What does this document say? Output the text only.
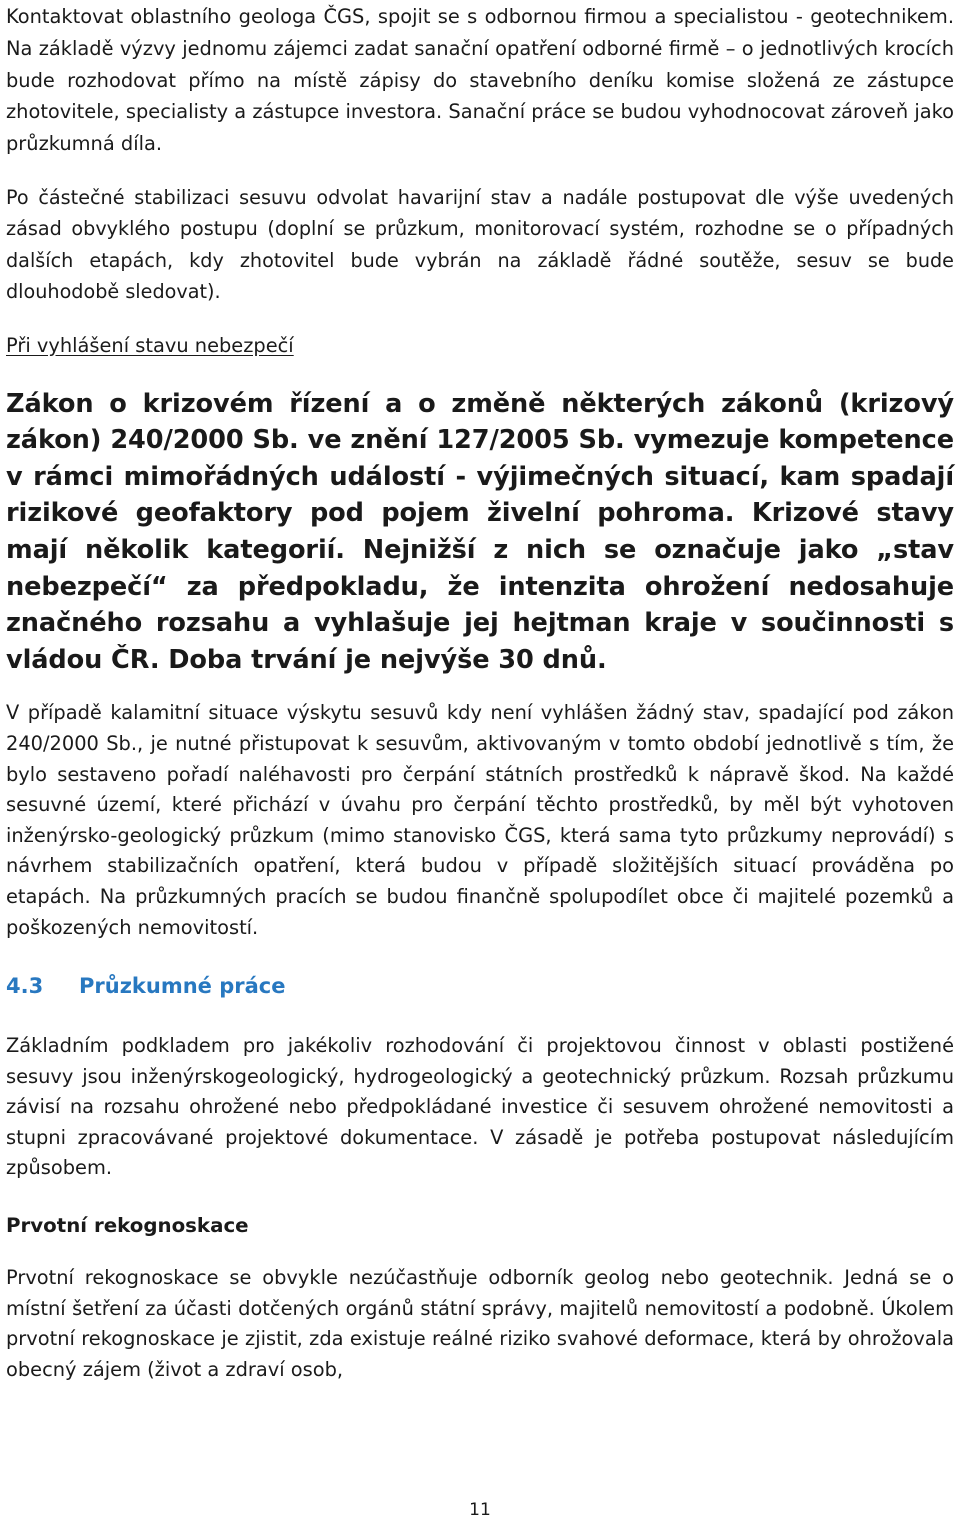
Kontaktovat oblastního geologa ČGS, spojit se s odbornou firmou a specialistou - geotechnikem. Na základě výzvy jednomu zájemci zadat sanační opatření odborné firmě – o jednotlivých krocích bude rozhodovat přímo na místě zápisy do stavebního deníku komise složená ze zástupce zhotovitele, specialisty a zástupce investora. Sanační práce se budou vyhodnocovat zároveň jako průzkumná díla.

Po částečné stabilizaci sesuvu odvolat havarijní stav a nadále postupovat dle výše uvedených zásad obvyklého postupu (doplní se průzkum, monitorovací systém, rozhodne se o případných dalších etapách, kdy zhotovitel bude vybrán na základě řádné soutěže, sesuv se bude dlouhodobě sledovat).

Při vyhlášení stavu nebezpečí

Zákon o krizovém řízení a o změně některých zákonů (krizový zákon) 240/2000 Sb. ve znění 127/2005 Sb. vymezuje kompetence v rámci mimořádných událostí - výjimečných situací, kam spadají rizikové geofaktory pod pojem živelní pohroma. Krizové stavy mají několik kategorií. Nejnižší z nich se označuje jako „stav nebezpečí“ za předpokladu, že intenzita ohrožení nedosahuje značného rozsahu a vyhlašuje jej hejtman kraje v součinnosti s vládou ČR. Doba trvání je nejvýše 30 dnů.

V případě kalamitní situace výskytu sesuvů kdy není vyhlášen žádný stav, spadající pod zákon 240/2000 Sb., je nutné přistupovat k sesuvům, aktivovaným v tomto období jednotlivě s tím, že bylo sestaveno pořadí naléhavosti pro čerpání státních prostředků k nápravě škod. Na každé sesuvné území, které přichází v úvahu pro čerpání těchto prostředků, by měl být vyhotoven inženýrsko-geologický průzkum (mimo stanovisko ČGS, která sama tyto průzkumy neprovádí) s návrhem stabilizačních opatření, která budou v případě složitějších situací prováděna po etapách. Na průzkumných pracích se budou finančně spolupodílet obce či majitelé pozemků a poškozených nemovitostí.

4.3	Průzkumné práce

Základním podkladem pro jakékoliv rozhodování či projektovou činnost v oblasti postižené sesuvy jsou inženýrskogeologický, hydrogeologický a geotechnický průzkum. Rozsah průzkumu závisí na rozsahu ohrožené nebo předpokládané investice či sesuvem ohrožené nemovitosti a stupni zpracovávané projektové dokumentace. V zásadě je potřeba postupovat následujícím způsobem.

Prvotní rekognoskace

Prvotní rekognoskace se obvykle nezúčastňuje odborník geolog nebo geotechnik. Jedná se o místní šetření za účasti dotčených orgánů státní správy, majitelů nemovitostí a podobně. Úkolem prvotní rekognoskace je zjistit, zda existuje reálné riziko svahové deformace, která by ohrožovala obecný zájem (život a zdraví osob,

11
